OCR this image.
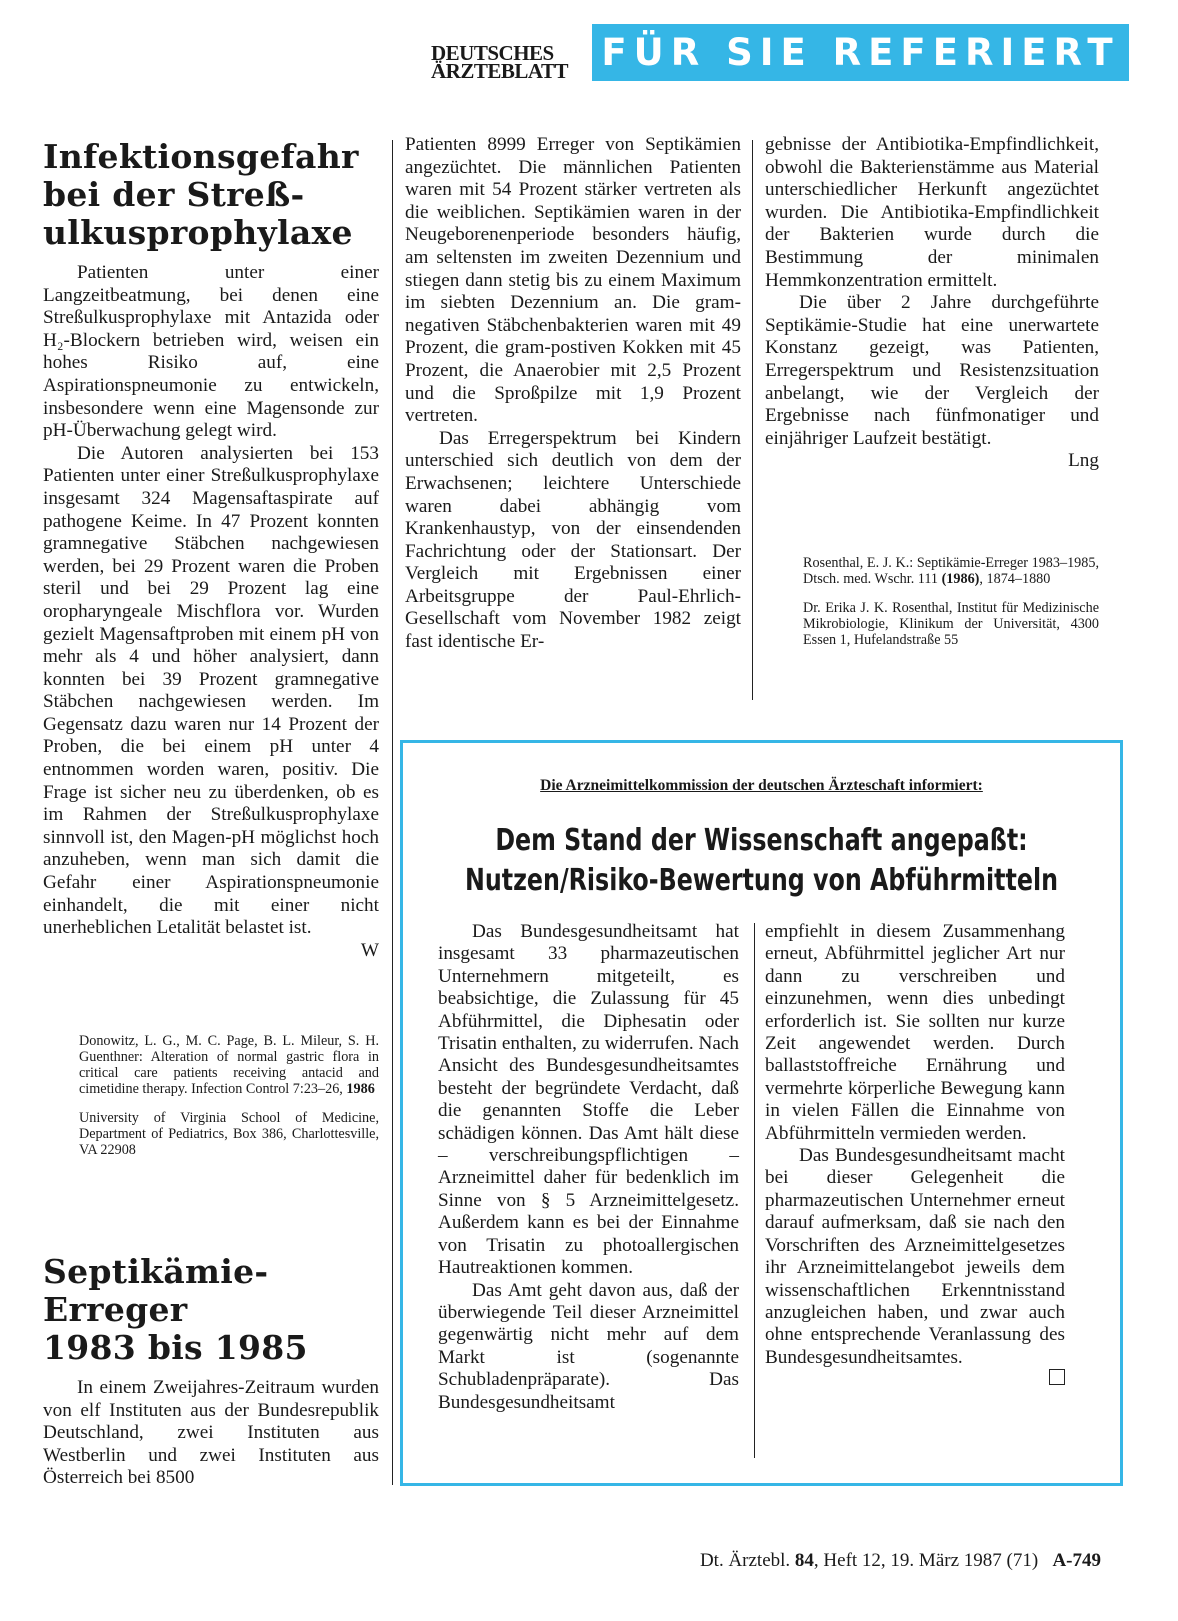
DEUTSCHES
ÄRZTEBLATT FÜR SIE REFERIERT
Infektionsgefahr
bei der Streß-
ulkusprophylaxe

Patienten unter einer Langzeitbeatmung, bei denen eine Streßulkusprophylaxe mit Antazida oder H₂-Blockern betrieben wird, weisen ein hohes Risiko auf, eine Aspirationspneumonie zu entwickeln, insbesondere wenn eine Magensonde zur pH-Überwachung gelegt wird.

Die Autoren analysierten bei 153 Patienten unter einer Streßulkusprophylaxe insgesamt 324 Magensaftaspirate auf pathogene Keime. In 47 Prozent konnten gramnegative Stäbchen nachgewiesen werden, bei 29 Prozent waren die Proben steril und bei 29 Prozent lag eine oropharyngeale Mischflora vor. Wurden gezielt Magensaftproben mit einem pH von mehr als 4 und höher analysiert, dann konnten bei 39 Prozent gramnegative Stäbchen nachgewiesen werden. Im Gegensatz dazu waren nur 14 Prozent der Proben, die bei einem pH unter 4 entnommen worden waren, positiv. Die Frage ist sicher neu zu überdenken, ob es im Rahmen der Streßulkusprophylaxe sinnvoll ist, den Magen-pH möglichst hoch anzuheben, wenn man sich damit die Gefahr einer Aspirationspneumonie einhandelt, die mit einer nicht unerheblichen Letalität belastet ist.

W

Donowitz, L. G., M. C. Page, B. L. Mileur, S. H. Guenthner: Alteration of normal gastric flora in critical care patients receiving antacid and cimetidine therapy. Infection Control 7:23–26, 1986

University of Virginia School of Medicine, Department of Pediatrics, Box 386, Charlottesville, VA 22908

Septikämie-
Erreger
1983 bis 1985

In einem Zweijahres-Zeitraum wurden von elf Instituten aus der Bundesrepublik Deutschland, zwei Instituten aus Westberlin und zwei Instituten aus Österreich bei 8500

Patienten 8999 Erreger von Septikämien angezüchtet. Die männlichen Patienten waren mit 54 Prozent stärker vertreten als die weiblichen. Septikämien waren in der Neugeborenenperiode besonders häufig, am seltensten im zweiten Dezennium und stiegen dann stetig bis zu einem Maximum im siebten Dezennium an. Die gram-negativen Stäbchenbakterien waren mit 49 Prozent, die gram-postiven Kokken mit 45 Prozent, die Anaerobier mit 2,5 Prozent und die Sproßpilze mit 1,9 Prozent vertreten.

Das Erregerspektrum bei Kindern unterschied sich deutlich von dem der Erwachsenen; leichtere Unterschiede waren dabei abhängig vom Krankenhaustyp, von der einsendenden Fachrichtung oder der Stationsart. Der Vergleich mit Ergebnissen einer Arbeitsgruppe der Paul-Ehrlich-Gesellschaft vom November 1982 zeigt fast identische Er-

gebnisse der Antibiotika-Empfindlichkeit, obwohl die Bakterienstämme aus Material unterschiedlicher Herkunft angezüchtet wurden. Die Antibiotika-Empfindlichkeit der Bakterien wurde durch die Bestimmung der minimalen Hemmkonzentration ermittelt.

Die über 2 Jahre durchgeführte Septikämie-Studie hat eine unerwartete Konstanz gezeigt, was Patienten, Erregerspektrum und Resistenzsituation anbelangt, wie der Vergleich der Ergebnisse nach fünfmonatiger und einjähriger Laufzeit bestätigt.

Lng

Rosenthal, E. J. K.: Septikämie-Erreger 1983–1985, Dtsch. med. Wschr. 111 (1986), 1874–1880

Dr. Erika J. K. Rosenthal, Institut für Medizinische Mikrobiologie, Klinikum der Universität, 4300 Essen 1, Hufelandstraße 55

Die Arzneimittelkommission der deutschen Ärzteschaft informiert:
Dem Stand der Wissenschaft angepaßt:
Nutzen/Risiko-Bewertung von Abführmitteln

Das Bundesgesundheitsamt hat insgesamt 33 pharmazeutischen Unternehmern mitgeteilt, es beabsichtige, die Zulassung für 45 Abführmittel, die Diphesatin oder Trisatin enthalten, zu widerrufen. Nach Ansicht des Bundesgesundheitsamtes besteht der begründete Verdacht, daß die genannten Stoffe die Leber schädigen können. Das Amt hält diese – verschreibungspflichtigen – Arzneimittel daher für bedenklich im Sinne von § 5 Arzneimittelgesetz. Außerdem kann es bei der Einnahme von Trisatin zu photoallergischen Hautreaktionen kommen.

Das Amt geht davon aus, daß der überwiegende Teil dieser Arzneimittel gegenwärtig nicht mehr auf dem Markt ist (sogenannte Schubladenpräparate). Das Bundesgesundheitsamt

empfiehlt in diesem Zusammenhang erneut, Abführmittel jeglicher Art nur dann zu verschreiben und einzunehmen, wenn dies unbedingt erforderlich ist. Sie sollten nur kurze Zeit angewendet werden. Durch ballaststoffreiche Ernährung und vermehrte körperliche Bewegung kann in vielen Fällen die Einnahme von Abführmitteln vermieden werden.

Das Bundesgesundheitsamt macht bei dieser Gelegenheit die pharmazeutischen Unternehmer erneut darauf aufmerksam, daß sie nach den Vorschriften des Arzneimittelgesetzes ihr Arzneimittelangebot jeweils dem wissenschaftlichen Erkenntnisstand anzugleichen haben, und zwar auch ohne entsprechende Veranlassung des Bundesgesundheitsamtes.

Dt. Ärztebl. 84, Heft 12, 19. März 1987 (71) A-749
